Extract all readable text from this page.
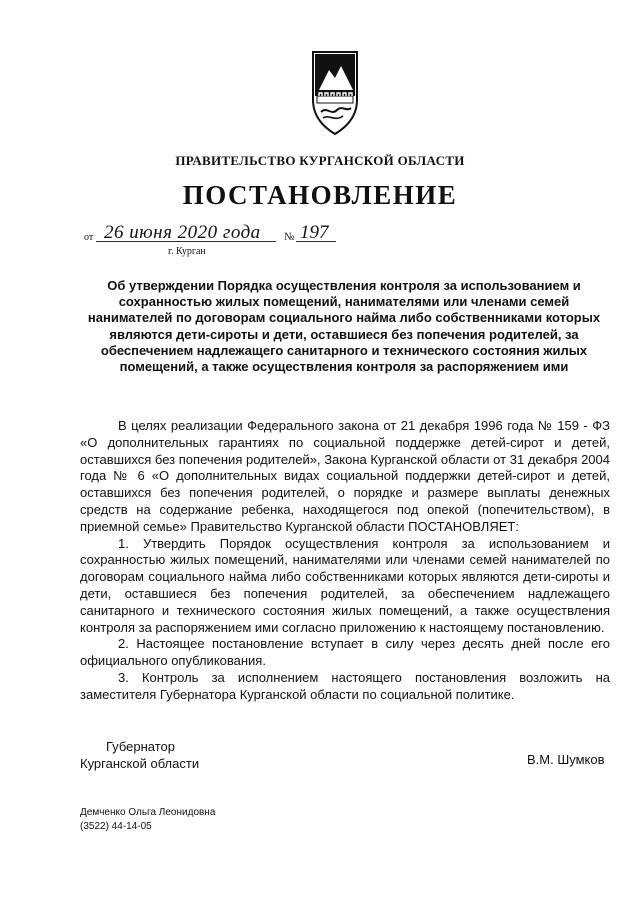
ПРАВИТЕЛЬСТВО КУРГАНСКОЙ ОБЛАСТИ
ПОСТАНОВЛЕНИЕ
от 26 июня 2020 года № 197
г. Курган
Об утверждении Порядка осуществления контроля за использованием и сохранностью жилых помещений, нанимателями или членами семей нанимателей по договорам социального найма либо собственниками которых являются дети-сироты и дети, оставшиеся без попечения родителей, за обеспечением надлежащего санитарного и технического состояния жилых помещений, а также осуществления контроля за распоряжением ими

В целях реализации Федерального закона от 21 декабря 1996 года № 159 - ФЗ «О дополнительных гарантиях по социальной поддержке детей-сирот и детей, оставшихся без попечения родителей», Закона Курганской области от 31 декабря 2004 года № 6 «О дополнительных видах социальной поддержки детей-сирот и детей, оставшихся без попечения родителей, о порядке и размере выплаты денежных средств на содержание ребенка, находящегося под опекой (попечительством), в приемной семье» Правительство Курганской области ПОСТАНОВЛЯЕТ:

1. Утвердить Порядок осуществления контроля за использованием и сохранностью жилых помещений, нанимателями или членами семей нанимателей по договорам социального найма либо собственниками которых являются дети-сироты и дети, оставшиеся без попечения родителей, за обеспечением надлежащего санитарного и технического состояния жилых помещений, а также осуществления контроля за распоряжением ими согласно приложению к настоящему постановлению.

2. Настоящее постановление вступает в силу через десять дней после его официального опубликования.

3. Контроль за исполнением настоящего постановления возложить на заместителя Губернатора Курганской области по социальной политике.

Губернатор
Курганской области	В.М. Шумков
Демченко Ольга Леонидовна
(3522) 44-14-05
